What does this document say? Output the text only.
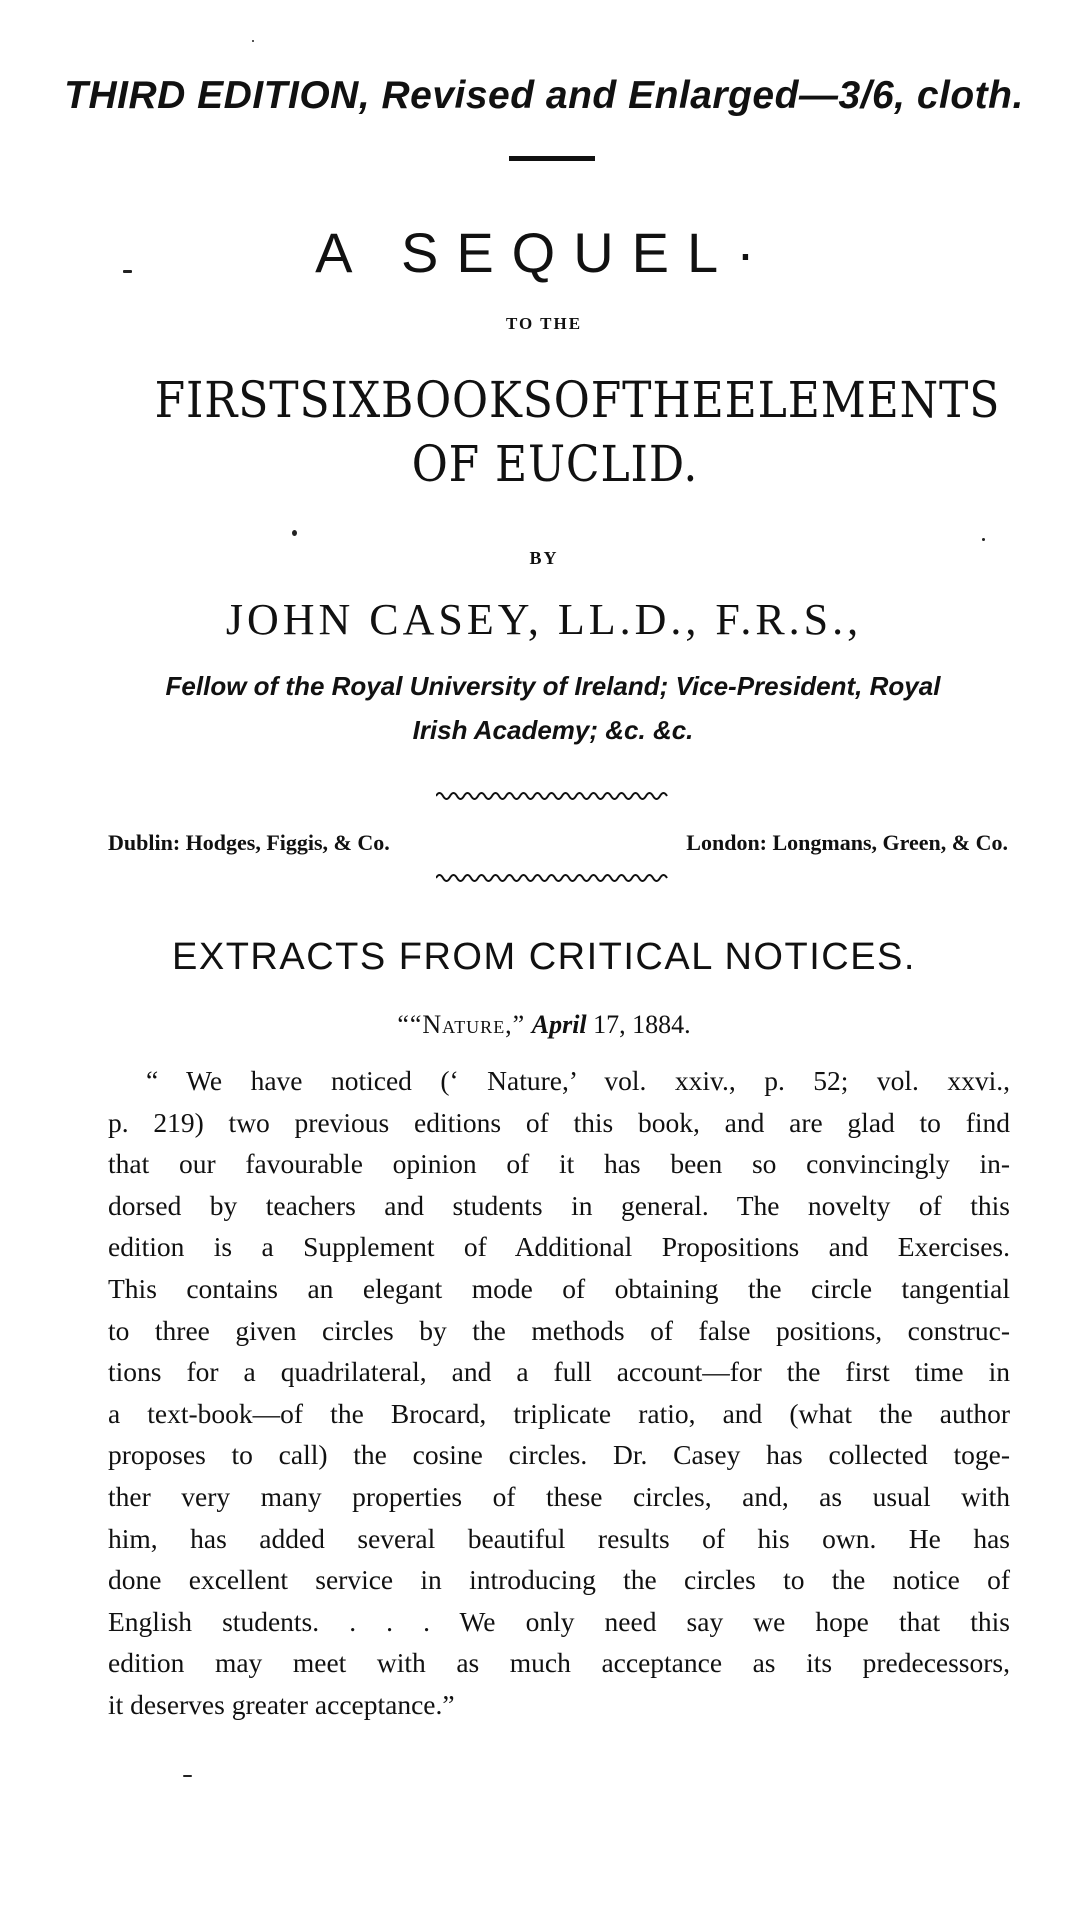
THIRD EDITION, Revised and Enlarged—3/6, cloth.
A SEQUEL·
TO THE
FIRST SIX BOOKS OF THE ELEMENTS
OF EUCLID.
BY
JOHN CASEY, LL.D., F.R.S.,
Fellow of the Royal University of Ireland; Vice-President, Royal
Irish Academy; &c. &c.
Dublin: Hodges, Figgis, & Co.	London: Longmans, Green, & Co.
EXTRACTS FROM CRITICAL NOTICES.
““Nature,” April 17, 1884.
“ We have noticed (‘ Nature,’ vol. xxiv., p. 52; vol. xxvi.,
p. 219) two previous editions of this book, and are glad to find
that our favourable opinion of it has been so convincingly in-
dorsed by teachers and students in general. The novelty of this
edition is a Supplement of Additional Propositions and Exercises.
This contains an elegant mode of obtaining the circle tangential
to three given circles by the methods of false positions, construc-
tions for a quadrilateral, and a full account—for the first time in
a text-book—of the Brocard, triplicate ratio, and (what the author
proposes to call) the cosine circles. Dr. Casey has collected toge-
ther very many properties of these circles, and, as usual with
him, has added several beautiful results of his own. He has
done excellent service in introducing the circles to the notice of
English students. . . . We only need say we hope that this
edition may meet with as much acceptance as its predecessors,
it deserves greater acceptance.”
